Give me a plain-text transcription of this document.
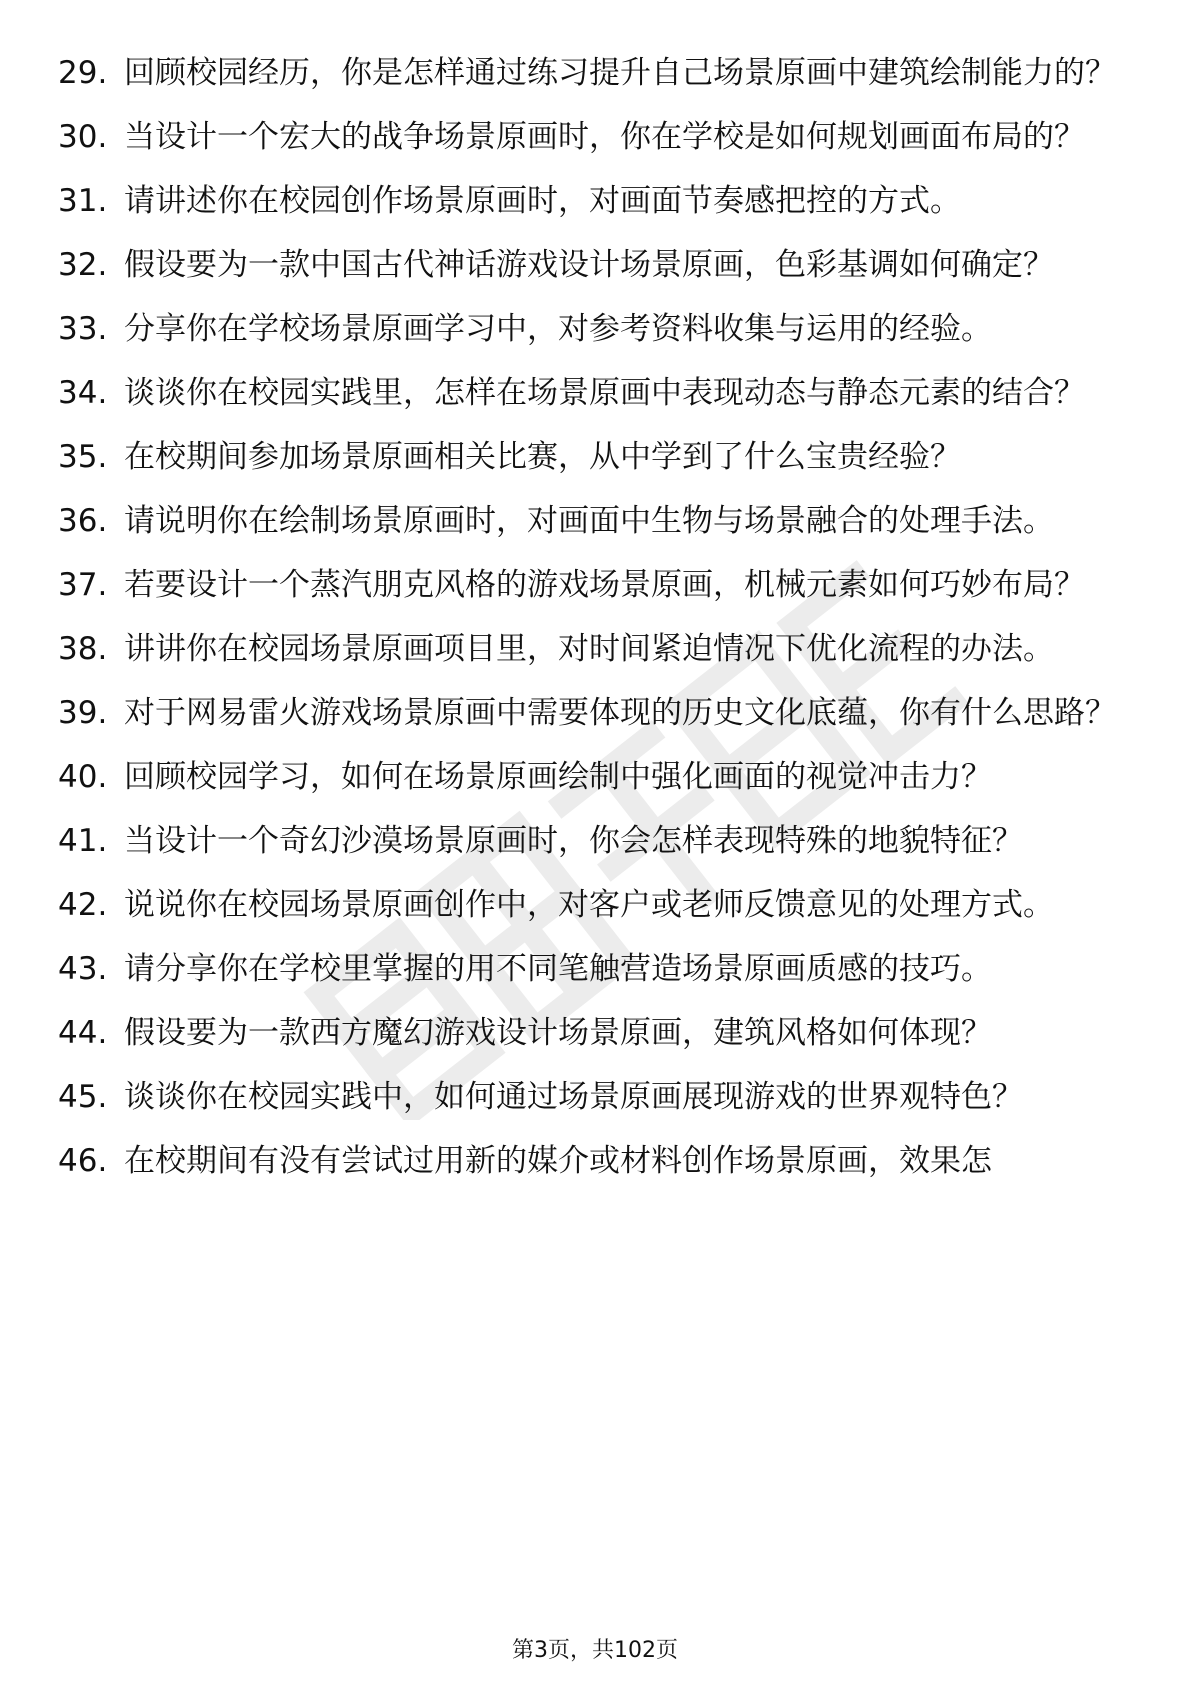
29. 回顾校园经历，你是怎样通过练习提升自己场景原画中建筑绘制能力的？
30. 当设计一个宏大的战争场景原画时，你在学校是如何规划画面布局的？
31. 请讲述你在校园创作场景原画时，对画面节奏感把控的方式。
32. 假设要为一款中国古代神话游戏设计场景原画，色彩基调如何确定？
33. 分享你在学校场景原画学习中，对参考资料收集与运用的经验。
34. 谈谈你在校园实践里，怎样在场景原画中表现动态与静态元素的结合？
35. 在校期间参加场景原画相关比赛，从中学到了什么宝贵经验？
36. 请说明你在绘制场景原画时，对画面中生物与场景融合的处理手法。
37. 若要设计一个蒸汽朋克风格的游戏场景原画，机械元素如何巧妙布局？
38. 讲讲你在校园场景原画项目里，对时间紧迫情况下优化流程的办法。
39. 对于网易雷火游戏场景原画中需要体现的历史文化底蕴，你有什么思路？
40. 回顾校园学习，如何在场景原画绘制中强化画面的视觉冲击力？
41. 当设计一个奇幻沙漠场景原画时，你会怎样表现特殊的地貌特征？
42. 说说你在校园场景原画创作中，对客户或老师反馈意见的处理方式。
43. 请分享你在学校里掌握的用不同笔触营造场景原画质感的技巧。
44. 假设要为一款西方魔幻游戏设计场景原画，建筑风格如何体现？
45. 谈谈你在校园实践中，如何通过场景原画展现游戏的世界观特色？
46. 在校期间有没有尝试过用新的媒介或材料创作场景原画，效果怎
第3页，共102页
